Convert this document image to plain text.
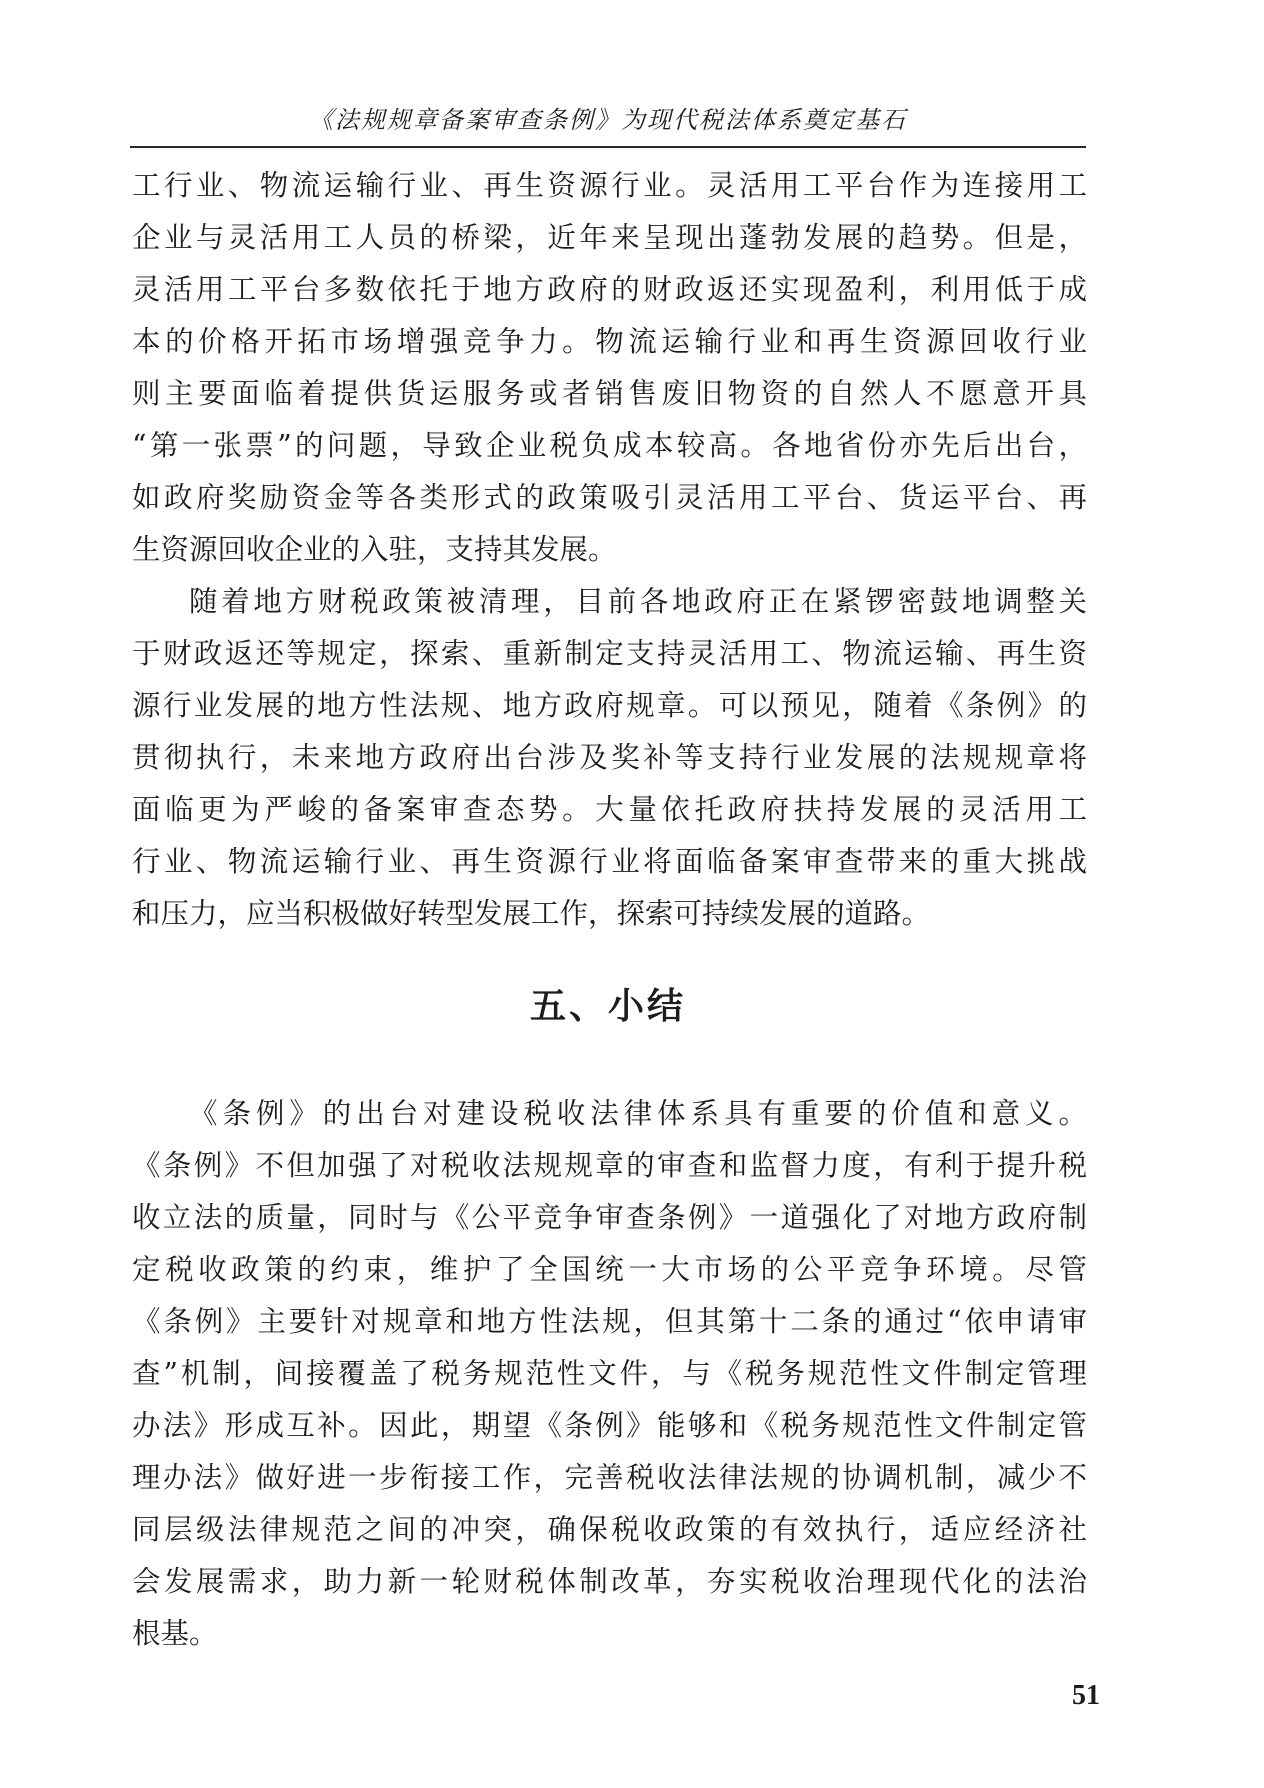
《法规规章备案审查条例》为现代税法体系奠定基石
工行业、物流运输行业、再生资源行业。灵活用工平台作为连接用工
企业与灵活用工人员的桥梁，近年来呈现出蓬勃发展的趋势。但是，
灵活用工平台多数依托于地方政府的财政返还实现盈利，利用低于成
本的价格开拓市场增强竞争力。物流运输行业和再生资源回收行业
则主要面临着提供货运服务或者销售废旧物资的自然人不愿意开具
“第一张票”的问题，导致企业税负成本较高。各地省份亦先后出台，
如政府奖励资金等各类形式的政策吸引灵活用工平台、货运平台、再
生资源回收企业的入驻，支持其发展。
随着地方财税政策被清理，目前各地政府正在紧锣密鼓地调整关
于财政返还等规定，探索、重新制定支持灵活用工、物流运输、再生资
源行业发展的地方性法规、地方政府规章。可以预见，随着《条例》的
贯彻执行，未来地方政府出台涉及奖补等支持行业发展的法规规章将
面临更为严峻的备案审查态势。大量依托政府扶持发展的灵活用工
行业、物流运输行业、再生资源行业将面临备案审查带来的重大挑战
和压力，应当积极做好转型发展工作，探索可持续发展的道路。
五、小结
《条例》的出台对建设税收法律体系具有重要的价值和意义。
《条例》不但加强了对税收法规规章的审查和监督力度，有利于提升税
收立法的质量，同时与《公平竞争审查条例》一道强化了对地方政府制
定税收政策的约束，维护了全国统一大市场的公平竞争环境。尽管
《条例》主要针对规章和地方性法规，但其第十二条的通过“依申请审
查”机制，间接覆盖了税务规范性文件，与《税务规范性文件制定管理
办法》形成互补。因此，期望《条例》能够和《税务规范性文件制定管
理办法》做好进一步衔接工作，完善税收法律法规的协调机制，减少不
同层级法律规范之间的冲突，确保税收政策的有效执行，适应经济社
会发展需求，助力新一轮财税体制改革，夯实税收治理现代化的法治
根基。
51
